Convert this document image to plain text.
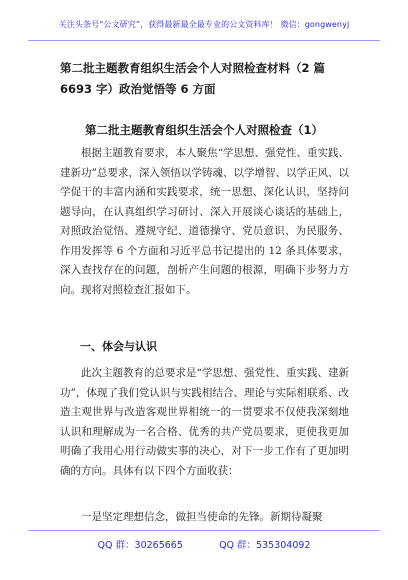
关注头条号“公文研究”，获得最新最全最专业的公文资料库！ 微信：gongwenyj
第二批主题教育组织生活会个人对照检查材料（2 篇 6693 字）政治觉悟等 6 方面
第二批主题教育组织生活会个人对照检查（1）

根据主题教育要求，本人聚焦“学思想、强党性、重实践、建新功”总要求，深入领悟以学铸魂、以学增智、以学正风、以学促干的丰富内涵和实践要求，统一思想、深化认识，坚持问题导向，在认真组织学习研讨、深入开展谈心谈话的基础上，对照政治觉悟、遵规守纪、道德操守、党员意识、为民服务、作用发挥等 6 个方面和习近平总书记提出的 12 条具体要求，深入查找存在的问题，剖析产生问题的根源，明确下步努力方向。现将对照检查汇报如下。

一、体会与认识

此次主题教育的总要求是“学思想、强党性、重实践、建新功”，体现了我们党认识与实践相结合、理论与实际相联系、改造主观世界与改造客观世界相统一的一贯要求不仅使我深刻地认识和理解成为一名合格、优秀的共产党员要求，更使我更加明确了我用心用行动做实事的决心，对下一步工作有了更加明确的方向。具体有以下四个方面收获：

一是坚定理想信念，做担当使命的先锋。新期待凝聚

QQ 群：30265665	QQ 群：535304092
